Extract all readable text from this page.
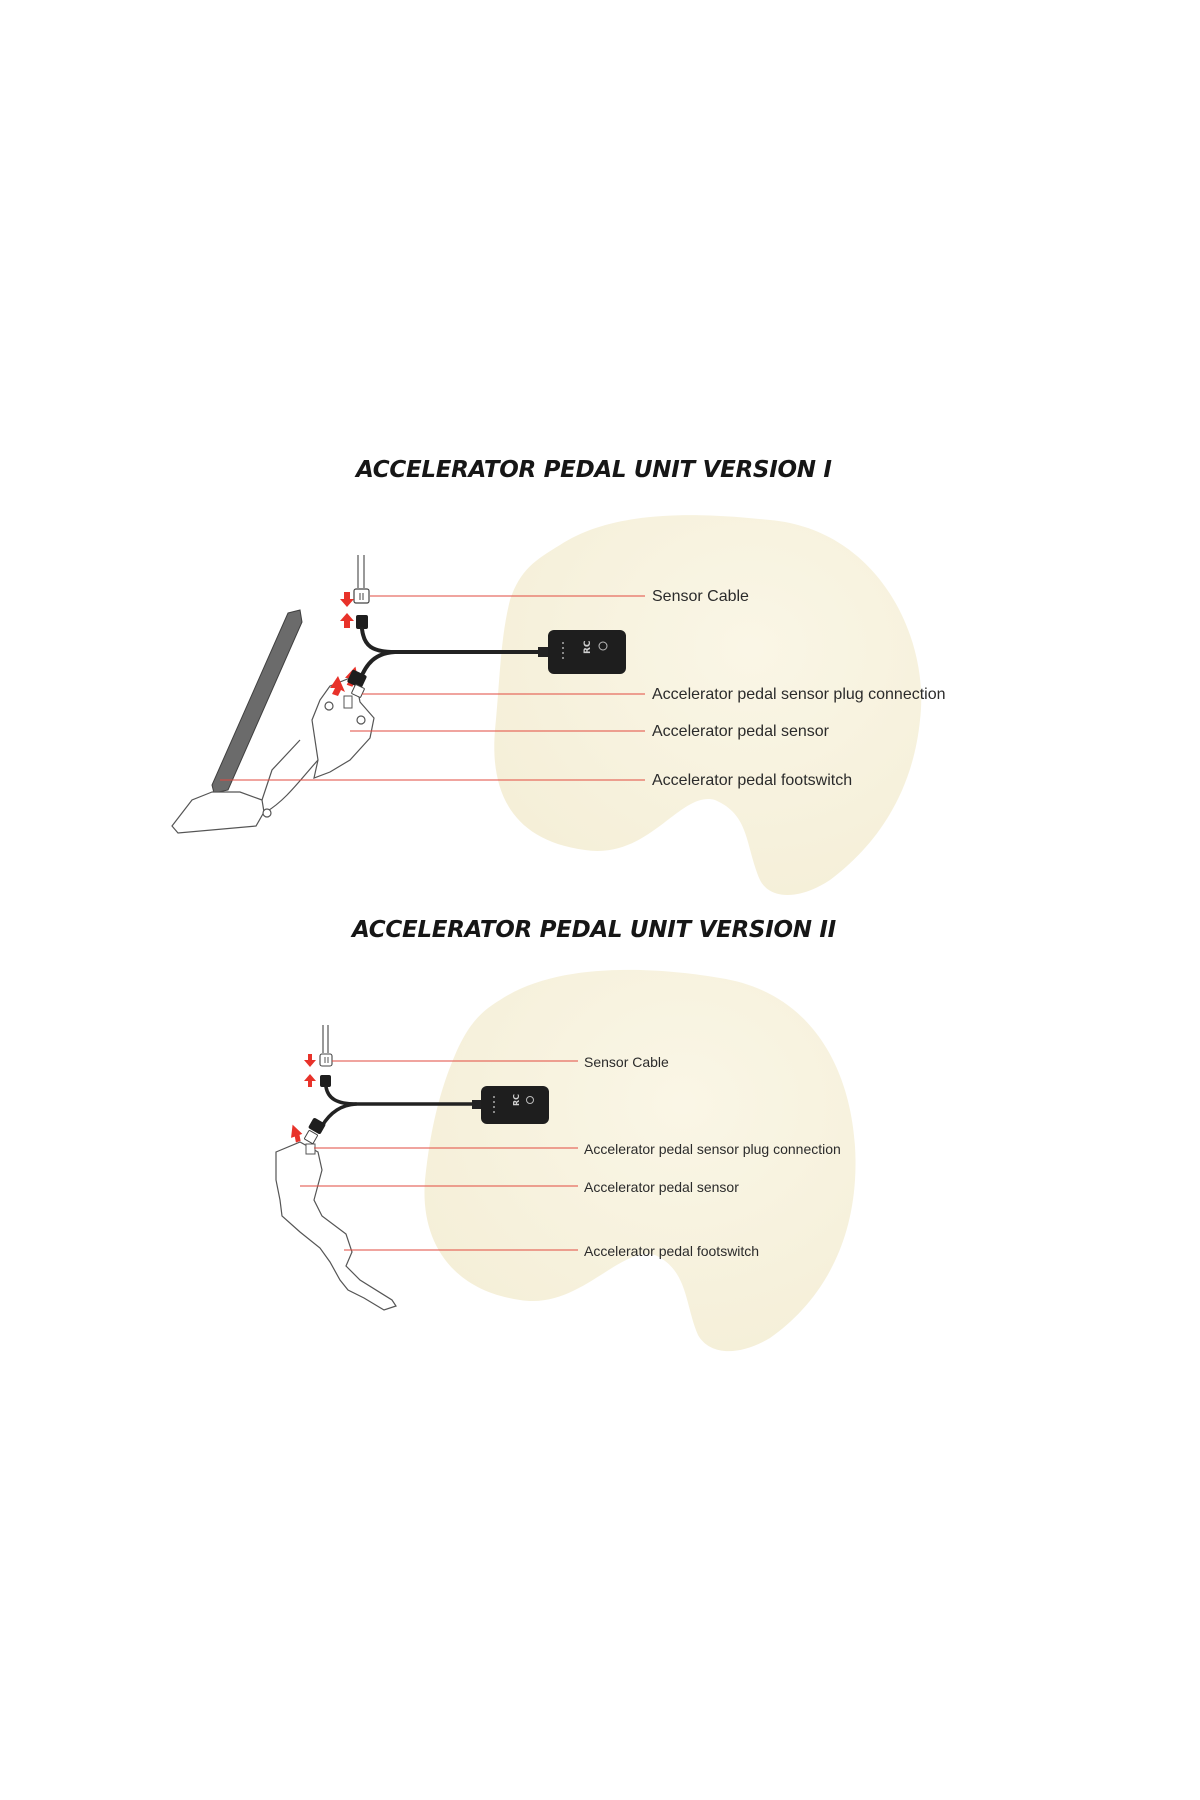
RC
RC
ACCELERATOR PEDAL UNIT VERSION I
ACCELERATOR PEDAL UNIT VERSION II
Sensor Cable
Accelerator pedal sensor plug connection
Accelerator pedal sensor
Accelerator pedal footswitch
Sensor Cable
Accelerator pedal sensor plug connection
Accelerator pedal sensor
Accelerator pedal footswitch
